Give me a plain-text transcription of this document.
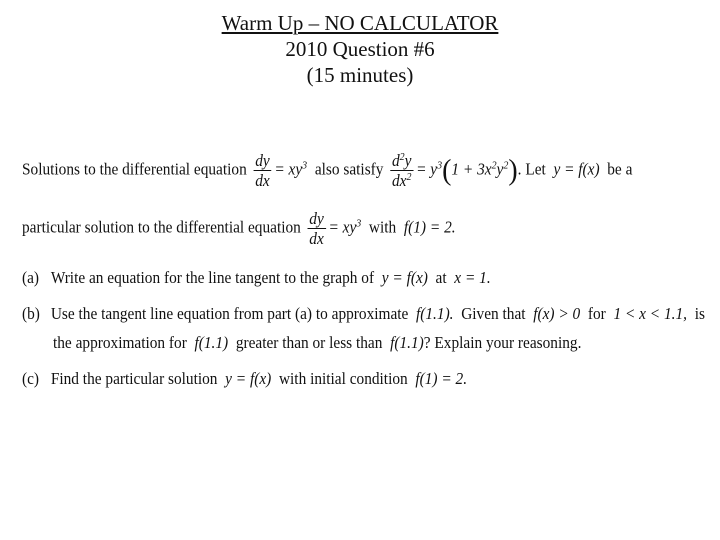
Warm Up – NO CALCULATOR
2010 Question #6
(15 minutes)
Solutions to the differential equation $\frac{dy}{dx} = xy^3$ also satisfy $\frac{d^2y}{dx^2} = y^3(1 + 3x^2y^2)$. Let y = f(x) be a
particular solution to the differential equation $\frac{dy}{dx} = xy^3$ with f(1) = 2.
(a) Write an equation for the line tangent to the graph of y = f(x) at x = 1.
(b) Use the tangent line equation from part (a) to approximate f(1.1). Given that f(x) > 0 for 1 < x < 1.1, is
the approximation for f(1.1) greater than or less than f(1.1)? Explain your reasoning.
(c) Find the particular solution y = f(x) with initial condition f(1) = 2.
